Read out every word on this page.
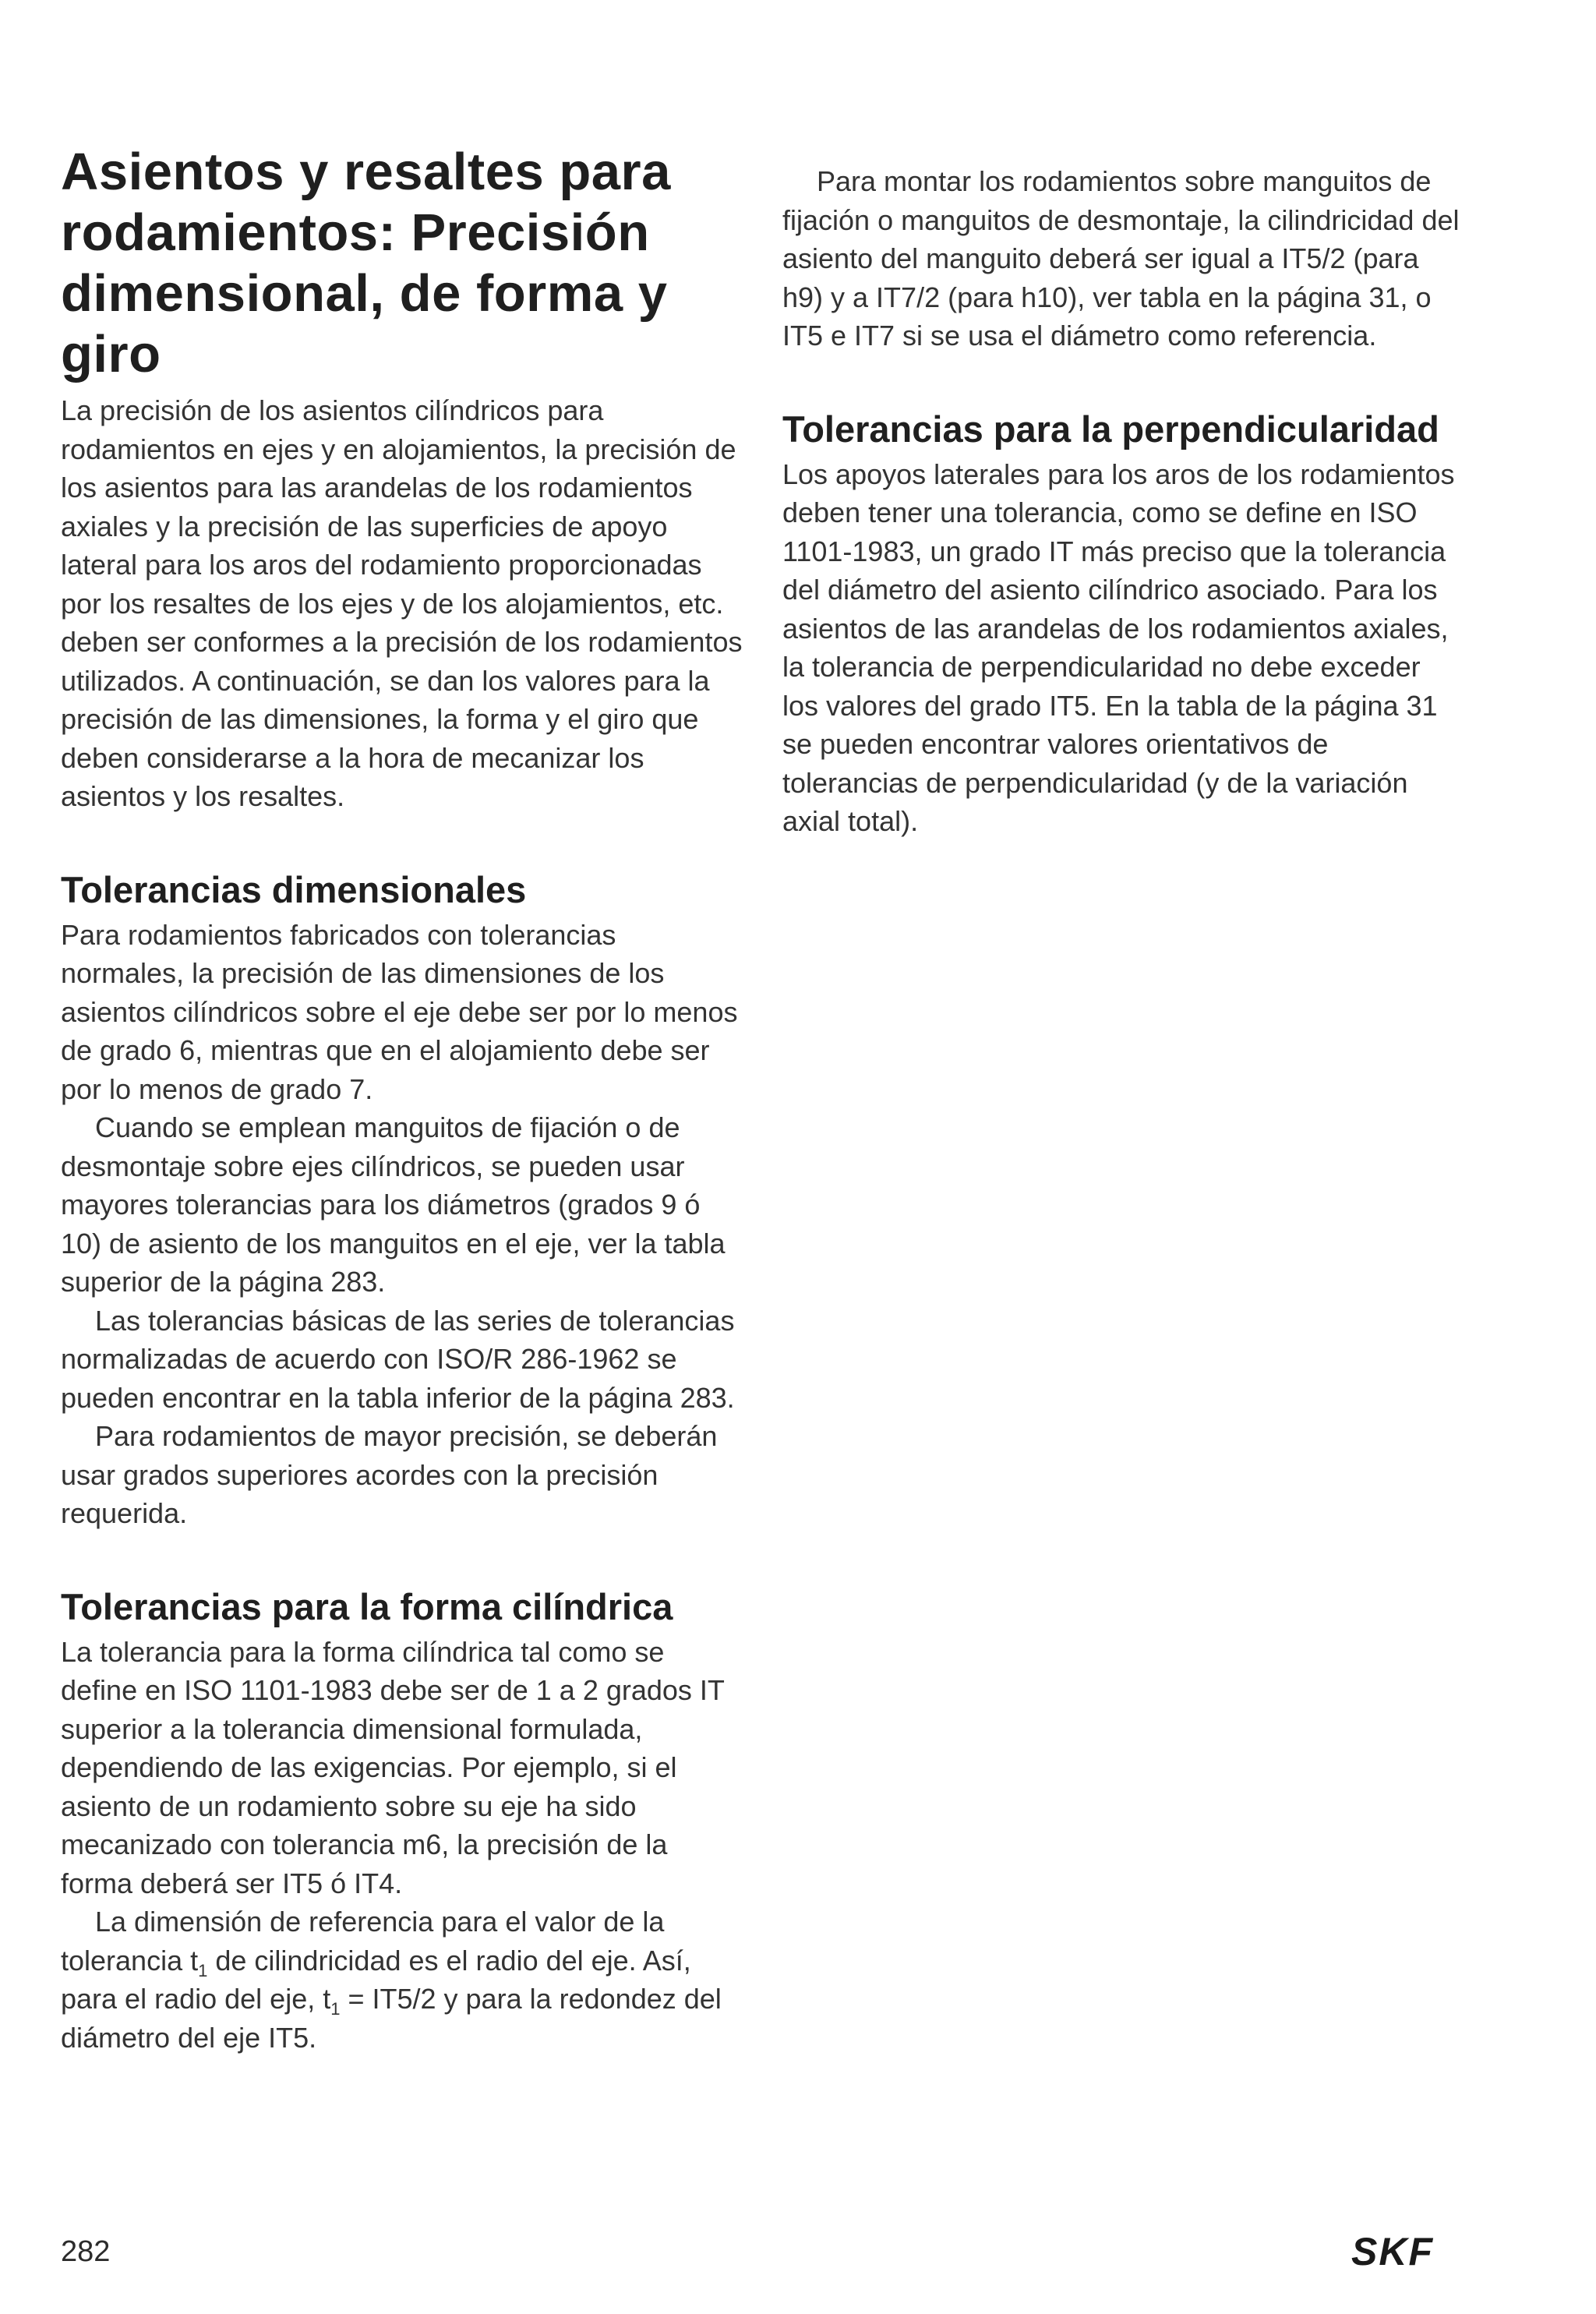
Asientos y resaltes para rodamientos: Precisión dimensional, de forma y giro

La precisión de los asientos cilíndricos para rodamientos en ejes y en alojamientos, la precisión de los asientos para las arandelas de los rodamientos axiales y la precisión de las superficies de apoyo lateral para los aros del rodamiento proporcionadas por los resaltes de los ejes y de los alojamientos, etc. deben ser conformes a la precisión de los rodamientos utilizados. A continuación, se dan los valores para la precisión de las dimensiones, la forma y el giro que deben considerarse a la hora de mecanizar los asientos y los resaltes.

Tolerancias dimensionales

Para rodamientos fabricados con tolerancias normales, la precisión de las dimensiones de los asientos cilíndricos sobre el eje debe ser por lo menos de grado 6, mientras que en el alojamiento debe ser por lo menos de grado 7.

Cuando se emplean manguitos de fijación o de desmontaje sobre ejes cilíndricos, se pueden usar mayores tolerancias para los diámetros (grados 9 ó 10) de asiento de los manguitos en el eje, ver la tabla superior de la página 283.

Las tolerancias básicas de las series de tolerancias normalizadas de acuerdo con ISO/R 286-1962 se pueden encontrar en la tabla inferior de la página 283.

Para rodamientos de mayor precisión, se deberán usar grados superiores acordes con la precisión requerida.

Tolerancias para la forma cilíndrica

La tolerancia para la forma cilíndrica tal como se define en ISO 1101-1983 debe ser de 1 a 2 grados IT superior a la tolerancia dimensional formulada, dependiendo de las exigencias. Por ejemplo, si el asiento de un rodamiento sobre su eje ha sido mecanizado con tolerancia m6, la precisión de la forma deberá ser IT5 ó IT4.

La dimensión de referencia para el valor de la tolerancia $t_1$ de cilindricidad es el radio del eje. Así, para el radio del eje, $t_1 = IT5/2$ y para la redondez del diámetro del eje IT5.

Para montar los rodamientos sobre manguitos de fijación o manguitos de desmontaje, la cilindricidad del asiento del manguito deberá ser igual a IT5/2 (para h9) y a IT7/2 (para h10), ver tabla en la página 31, o IT5 e IT7 si se usa el diámetro como referencia.

Tolerancias para la perpendicularidad

Los apoyos laterales para los aros de los rodamientos deben tener una tolerancia, como se define en ISO 1101-1983, un grado IT más preciso que la tolerancia del diámetro del asiento cilíndrico asociado. Para los asientos de las arandelas de los rodamientos axiales, la tolerancia de perpendicularidad no debe exceder los valores del grado IT5. En la tabla de la página 31 se pueden encontrar valores orientativos de tolerancias de perpendicularidad (y de la variación axial total).

282	SKF
